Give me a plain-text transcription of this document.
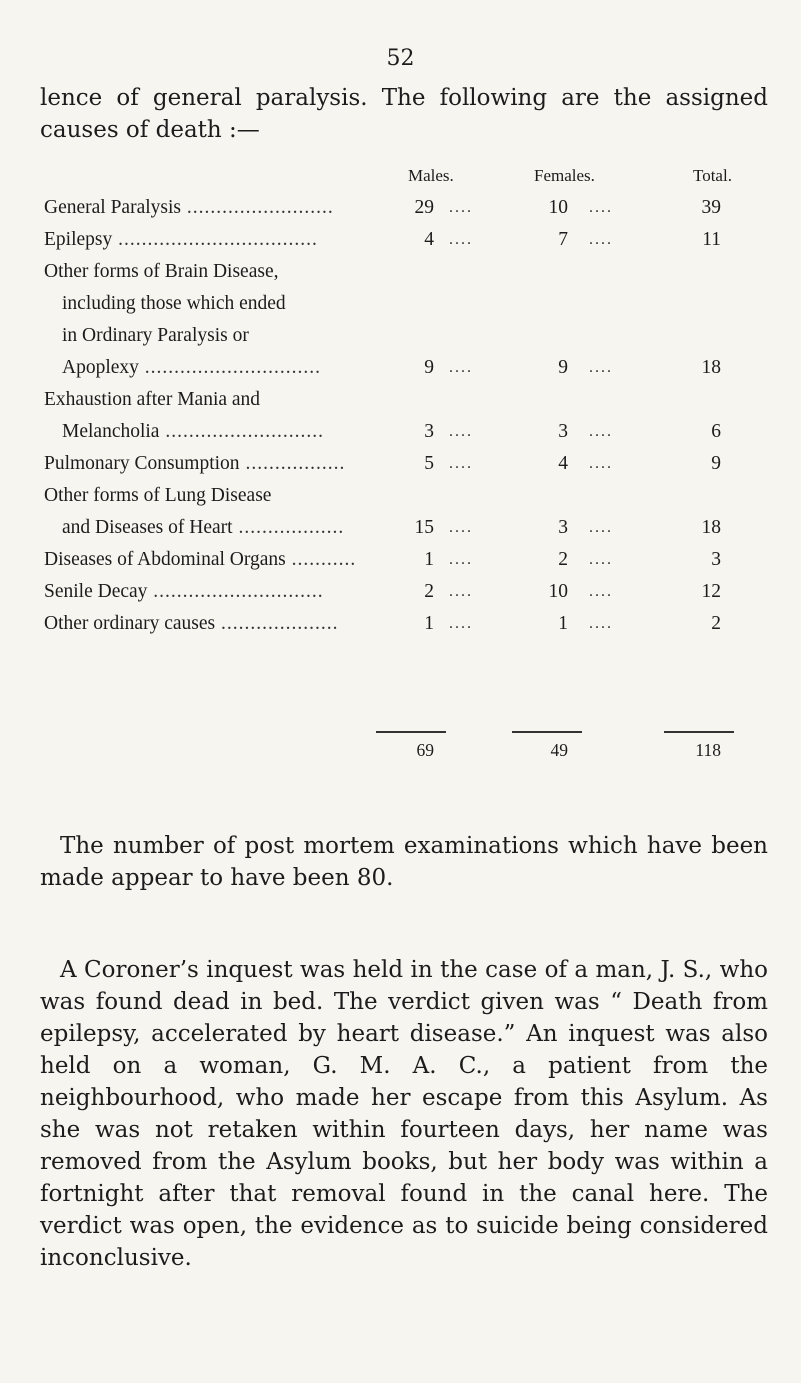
52
lence of general paralysis. The following are the assigned causes of death :—
Males.	Females.	Total.
General Paralysis .........................	29	10	39
....	....
Epilepsy ..................................	4	7	11
....	....
Other forms of Brain Disease,
including those which ended
in Ordinary Paralysis or
Apoplexy ..............................	9	9	18
....	....
Exhaustion after Mania and
Melancholia ...........................	3	3	6
....	....
Pulmonary Consumption .................	5	4	9
....	....
Other forms of Lung Disease
and Diseases of Heart ..................	15	3	18
....	....
Diseases of Abdominal Organs ...........	1	2	3
....	....
Senile Decay .............................	2	10	12
....	....
Other ordinary causes ....................	1	1	2
....	....
69	49	118
The number of post mortem examinations which have been made appear to have been 80.
A Coroner’s inquest was held in the case of a man, J. S., who was found dead in bed. The verdict given was “ Death from epilepsy, accelerated by heart disease.” An inquest was also held on a woman, G. M. A. C., a patient from the neighbourhood, who made her escape from this Asylum. As she was not retaken within fourteen days, her name was removed from the Asylum books, but her body was within a fortnight after that removal found in the canal here. The verdict was open, the evidence as to suicide being considered inconclusive.
